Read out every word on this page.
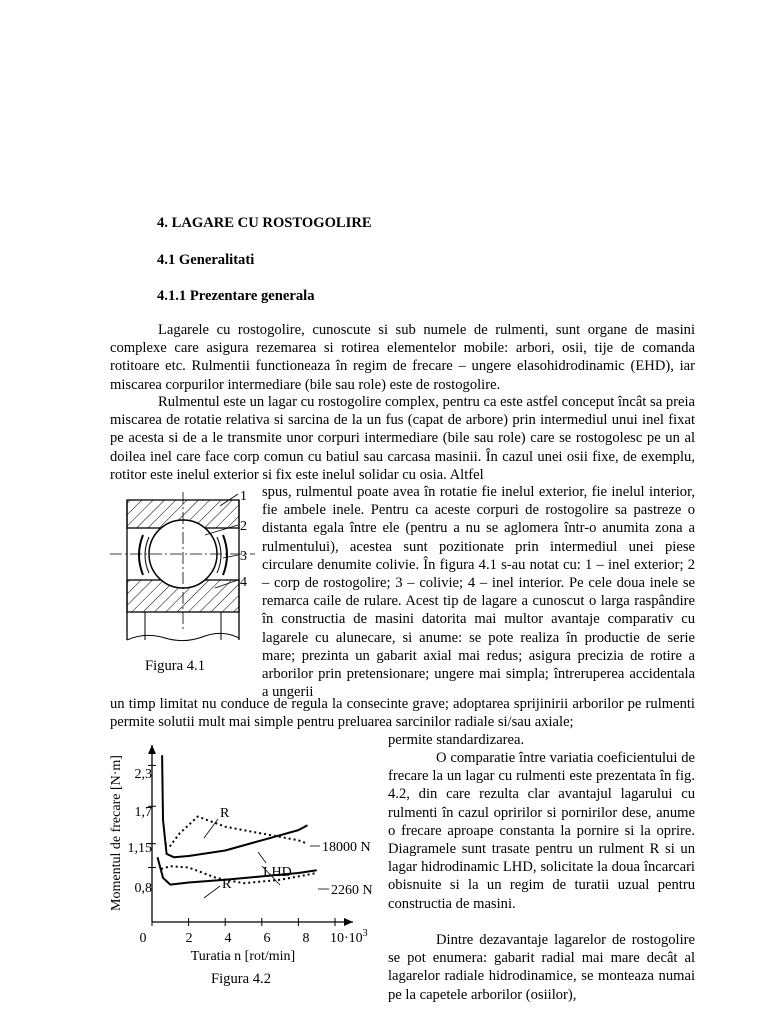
4. LAGARE CU ROSTOGOLIRE
4.1 Generalitati
4.1.1 Prezentare generala
Lagarele cu rostogolire, cunoscute si sub numele de rulmenti, sunt organe de masini complexe care asigura rezemarea si rotirea elementelor mobile: arbori, osii, tije de comanda rotitoare etc. Rulmentii functioneaza în regim de frecare – ungere elasohidrodinamic (EHD), iar miscarea corpurilor intermediare (bile sau role) este de rostogolire.
Rulmentul este un lagar cu rostogolire complex, pentru ca este astfel conceput încât sa preia miscarea de rotatie relativa si sarcina de la un fus (capat de arbore) prin intermediul unui inel fixat pe acesta si de a le transmite unor corpuri intermediare (bile sau role) care se rostogolesc pe un al doilea inel care face corp comun cu batiul sau carcasa masinii. În cazul unei osii fixe, de exemplu, rotitor este inelul exterior si fix este inelul solidar cu osia. Altfel
1
2
3
4
Figura 4.1
spus, rulmentul poate avea în rotatie fie inelul exterior, fie inelul interior, fie ambele inele. Pentru ca aceste corpuri de rostogolire sa pastreze o distanta egala între ele (pentru a nu se aglomera într-o anumita zona a rulmentului), acestea sunt pozitionate prin intermediul unei piese circulare denumite colivie. În figura 4.1 s-au notat cu: 1 – inel exterior; 2 – corp de rostogolire; 3 – colivie; 4 – inel interior. Pe cele doua inele se remarca caile de rulare. Acest tip de lagare a cunoscut o larga raspândire în constructia de masini datorita mai multor avantaje comparativ cu lagarele cu alunecare, si anume: se pote realiza în productie de serie mare; prezinta un gabarit axial mai redus; asigura precizia de rotire a arborilor prin pretensionare; ungere mai simpla; întreruperea accidentala a ungerii
un timp limitat nu conduce de regula la consecinte grave; adoptarea sprijinirii arborilor pe rulmenti permite solutii mult mai simple pentru preluarea sarcinilor radiale si/sau axiale;
permite standardizarea.
Momentul de frecare [N·m] 2,3
1,7
1,15
0,8
0	2 4 6 8 $10\cdot 10^3$
Turatia n [rot/min]
R
R
LHD
18000 N
2260 N
Figura 4.2
O comparatie între variatia coeficientului de frecare la un lagar cu rulmenti este prezentata în fig. 4.2, din care rezulta clar avantajul lagarului cu rulmenti în cazul opririlor si pornirilor dese, anume o frecare aproape constanta la pornire si la oprire. Diagramele sunt trasate pentru un rulment R si un lagar hidrodinamic LHD, solicitate la doua încarcari obisnuite si la un regim de turatii uzual pentru constructia de masini.
Dintre dezavantaje lagarelor de rostogolire se pot enumera: gabarit radial mai mare decât al lagarelor radiale hidrodinamice, se monteaza numai pe la capetele arborilor (osiilor),
